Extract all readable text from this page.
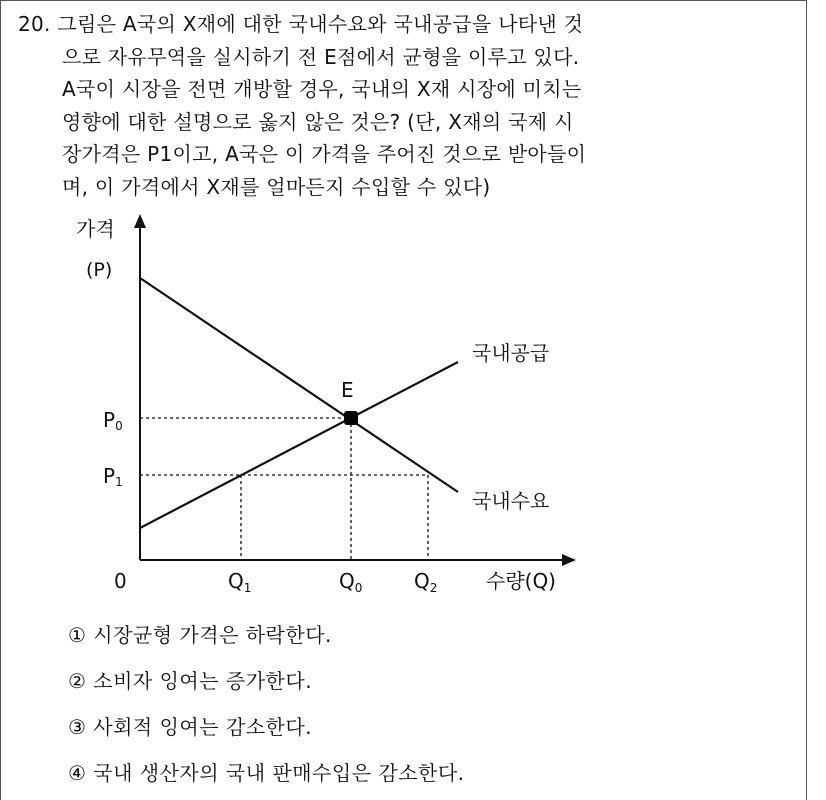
20. 그림은 A국의 X재에 대한 국내수요와 국내공급을 나타낸 것
으로 자유무역을 실시하기 전 E점에서 균형을 이루고 있다.
A국이 시장을 전면 개방할 경우, 국내의 X재 시장에 미치는
영향에 대한 설명으로 옳지 않은 것은? (단, X재의 국제 시
장가격은 P1이고, A국은 이 가격을 주어진 것으로 받아들이
며, 이 가격에서 X재를 얼마든지 수입할 수 있다)
가격
(P)
국내공급
국내수요
E
P0
P1
0	$Q_1$	$Q_0$	$Q_2$ 수량(Q)
① 시장균형 가격은 하락한다.
② 소비자 잉여는 증가한다.
③ 사회적 잉여는 감소한다.
④ 국내 생산자의 국내 판매수입은 감소한다.
